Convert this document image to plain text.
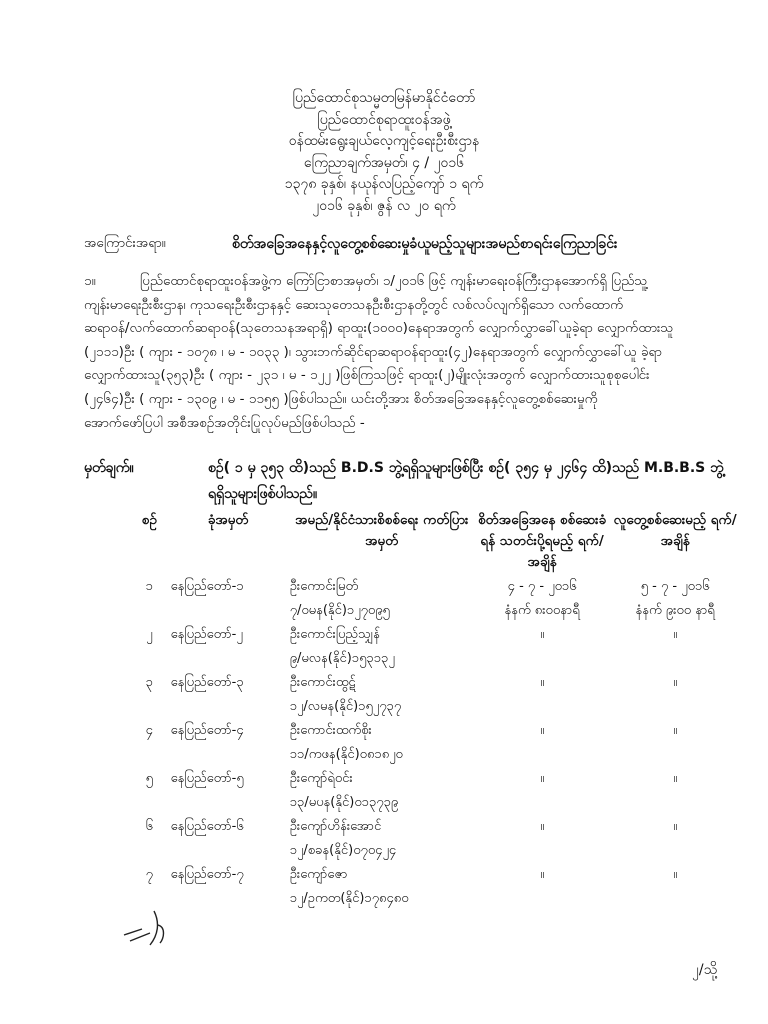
ပြည်ထောင်စုသမ္မတမြန်မာနိုင်ငံတော်
ပြည်ထောင်စုရာထူးဝန်အဖွဲ့
ဝန်ထမ်းရွေးချယ်လေ့ကျင့်ရေးဦးစီးဌာန
ကြေညာချက်အမှတ်၊ ၄ / ၂၀၁၆
၁၃၇၈ ခုနှစ်၊ နယုန်လပြည့်ကျော် ၁ ရက်
၂၀၁၆ ခုနှစ်၊ ဇွန် လ ၂၀ ရက်
အကြောင်းအရာ။	စိတ်အခြေအနေနှင့်လူတွေ့စစ်ဆေးမှုခံယူမည့်သူများအမည်စာရင်းကြေညာခြင်း
၁။	ပြည်ထောင်စုရာထူးဝန်အဖွဲ့က ကြော်ငြာစာအမှတ်၊ ၁/၂၀၁၆ ဖြင့် ကျန်းမာရေးဝန်ကြီးဌာနအောက်ရှိ ပြည်သူ့
ကျန်းမာရေးဦးစီးဌာန၊ ကုသရေးဦးစီးဌာနနှင့် ဆေးသုတေသနဦးစီးဌာနတို့တွင် လစ်လပ်လျက်ရှိသော လက်ထောက်
ဆရာဝန်/လက်ထောက်ဆရာဝန်(သုတေသနအရာရှိ) ရာထူး(၁၀၀၀)နေရာအတွက် လျှောက်လွှာခေါ်ယူခဲ့ရာ လျှောက်ထားသူ
(၂၁၁၁)ဦး ( ကျား - ၁၀၇၈ ၊ မ - ၁၀၃၃ )၊ သွားဘက်ဆိုင်ရာဆရာဝန်ရာထူး(၄၂)နေရာအတွက် လျှောက်လွှာခေါ်ယူ ခဲ့ရာ
လျှောက်ထားသူ(၃၅၃)ဦး ( ကျား - ၂၃၁ ၊ မ - ၁၂၂ )ဖြစ်ကြသဖြင့် ရာထူး(၂)မျိုးလုံးအတွက် လျှောက်ထားသူစုစုပေါင်း
(၂၄၆၄)ဦး ( ကျား - ၁၃၀၉ ၊ မ - ၁၁၅၅ )ဖြစ်ပါသည်။ ယင်းတို့အား စိတ်အခြေအနေနှင့်လူတွေ့စစ်ဆေးမှုကို
အောက်ဖော်ပြပါ အစီအစဉ်အတိုင်းပြုလုပ်မည်ဖြစ်ပါသည် -
မှတ်ချက်။	စဉ်( ၁ မှ ၃၅၃ ထိ)သည် B.D.S ဘွဲ့ရရှိသူများဖြစ်ပြီး စဉ်( ၃၅၄ မှ ၂၄၆၄ ထိ)သည် M.B.B.S ဘွဲ့ ရရှိသူများဖြစ်ပါသည်။
စဉ်	ခုံအမှတ်	အမည်/နိုင်ငံသားစိစစ်ရေး ကတ်ပြားအမှတ်	စိတ်အခြေအနေ စစ်ဆေးခံရန် သတင်းပို့ရမည့် ရက်/အချိန်	လူတွေ့စစ်ဆေးမည့် ရက်/အချိန်
၁	နေပြည်တော်-၁	ဦးကောင်းမြတ်	၄ - ၇ - ၂၀၁၆	၅ - ၇ - ၂၀၁၆
		၇/ဝမန(နိုင်)၁၂၇၀၉၅	နံနက် ၈း၀၀နာရီ	နံနက် ၉း၀၀ နာရီ
၂	နေပြည်တော်-၂	ဦးကောင်းပြည့်သျှန်	။	။
		၉/မလန(နိုင်)၁၅၃၁၃၂		
၃	နေပြည်တော်-၃	ဦးကောင်းထွဋ်	။	။
		၁၂/လမန(နိုင်)၁၅၂၇၃၇		
၄	နေပြည်တော်-၄	ဦးကောင်းထက်စိုး	။	။
		၁၁/ကဖန(နိုင်)၀၈၁၈၂၀		
၅	နေပြည်တော်-၅	ဦးကျော်ရဲဝင်း	။	။
		၁၃/မပန(နိုင်)၀၁၃၇၃၉		
၆	နေပြည်တော်-၆	ဦးကျော်ဟိန်းအောင်	။	။
		၁၂/စခန(နိုင်)၀၇၀၄၂၄		
၇	နေပြည်တော်-၇	ဦးကျော်ဇော	။	။
		၁၂/ဥကတ(နိုင်)၁၇၈၄၈၀		
၂/သို့
